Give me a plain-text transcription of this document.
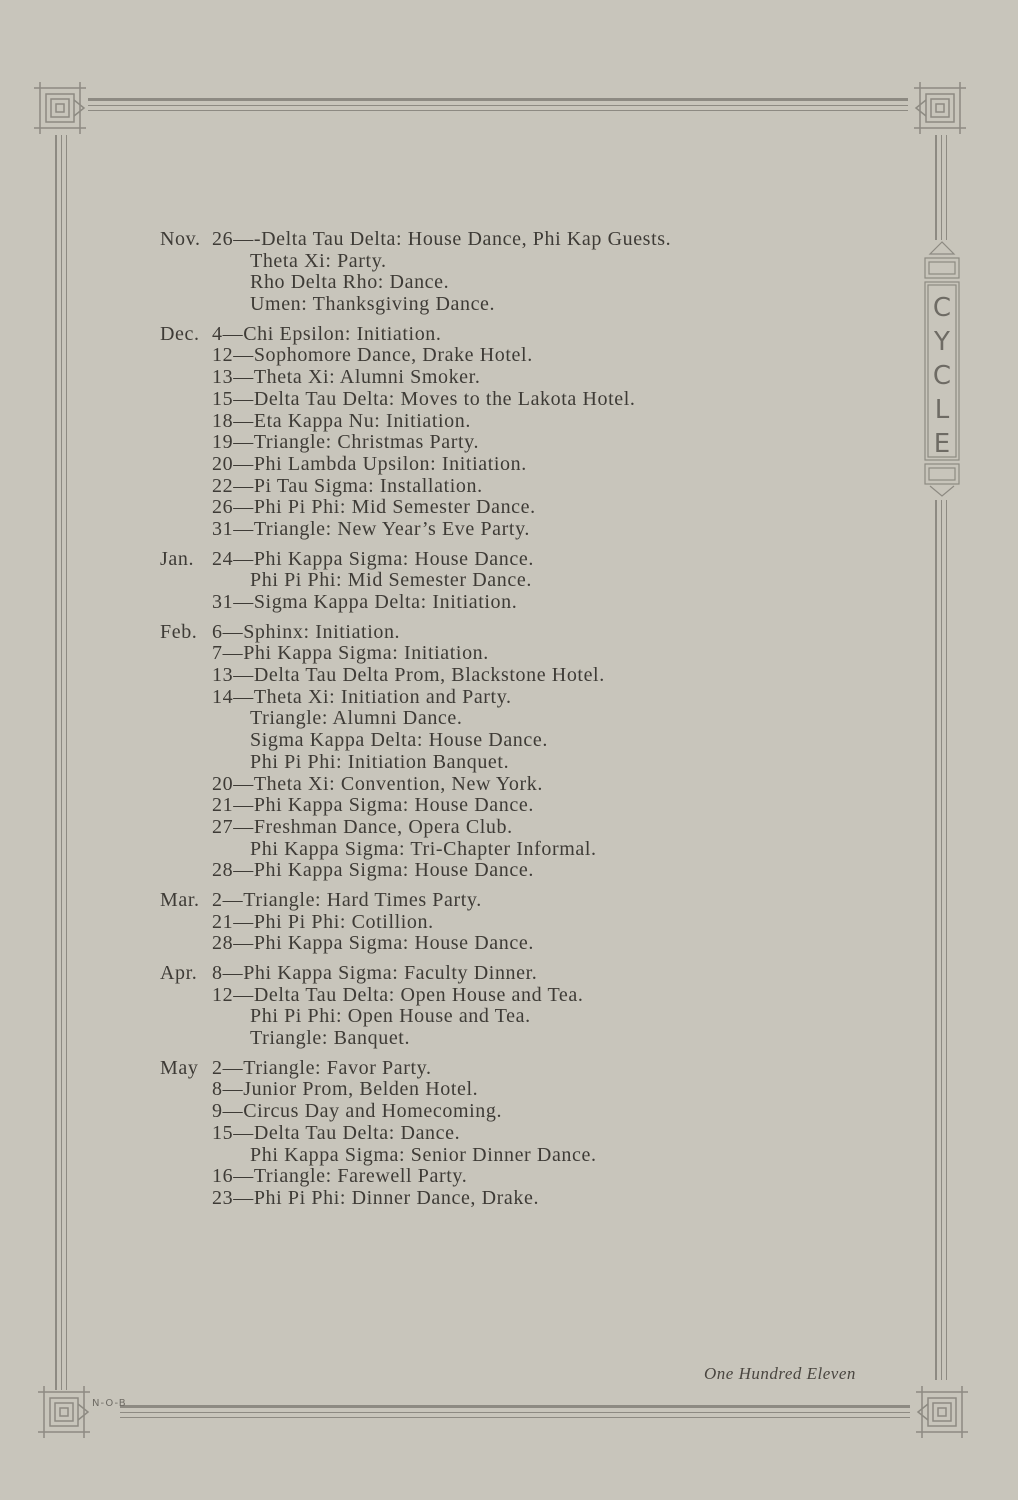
C
Y
C
L
E
Nov. 26—-Delta Tau Delta: House Dance, Phi Kap Guests.
Theta Xi: Party.
Rho Delta Rho: Dance.
Umen: Thanksgiving Dance.
Dec. 4—Chi Epsilon: Initiation.
12—Sophomore Dance, Drake Hotel.
13—Theta Xi: Alumni Smoker.
15—Delta Tau Delta: Moves to the Lakota Hotel.
18—Eta Kappa Nu: Initiation.
19—Triangle: Christmas Party.
20—Phi Lambda Upsilon: Initiation.
22—Pi Tau Sigma: Installation.
26—Phi Pi Phi: Mid Semester Dance.
31—Triangle: New Year’s Eve Party.
Jan. 24—Phi Kappa Sigma: House Dance.
Phi Pi Phi: Mid Semester Dance.
31—Sigma Kappa Delta: Initiation.
Feb. 6—Sphinx: Initiation.
7—Phi Kappa Sigma: Initiation.
13—Delta Tau Delta Prom, Blackstone Hotel.
14—Theta Xi: Initiation and Party.
Triangle: Alumni Dance.
Sigma Kappa Delta: House Dance.
Phi Pi Phi: Initiation Banquet.
20—Theta Xi: Convention, New York.
21—Phi Kappa Sigma: House Dance.
27—Freshman Dance, Opera Club.
Phi Kappa Sigma: Tri-Chapter Informal.
28—Phi Kappa Sigma: House Dance.
Mar. 2—Triangle: Hard Times Party.
21—Phi Pi Phi: Cotillion.
28—Phi Kappa Sigma: House Dance.
Apr. 8—Phi Kappa Sigma: Faculty Dinner.
12—Delta Tau Delta: Open House and Tea.
Phi Pi Phi: Open House and Tea.
Triangle: Banquet.
May 2—Triangle: Favor Party.
8—Junior Prom, Belden Hotel.
9—Circus Day and Homecoming.
15—Delta Tau Delta: Dance.
Phi Kappa Sigma: Senior Dinner Dance.
16—Triangle: Farewell Party.
23—Phi Pi Phi: Dinner Dance, Drake.
One Hundred Eleven
N-O-B
